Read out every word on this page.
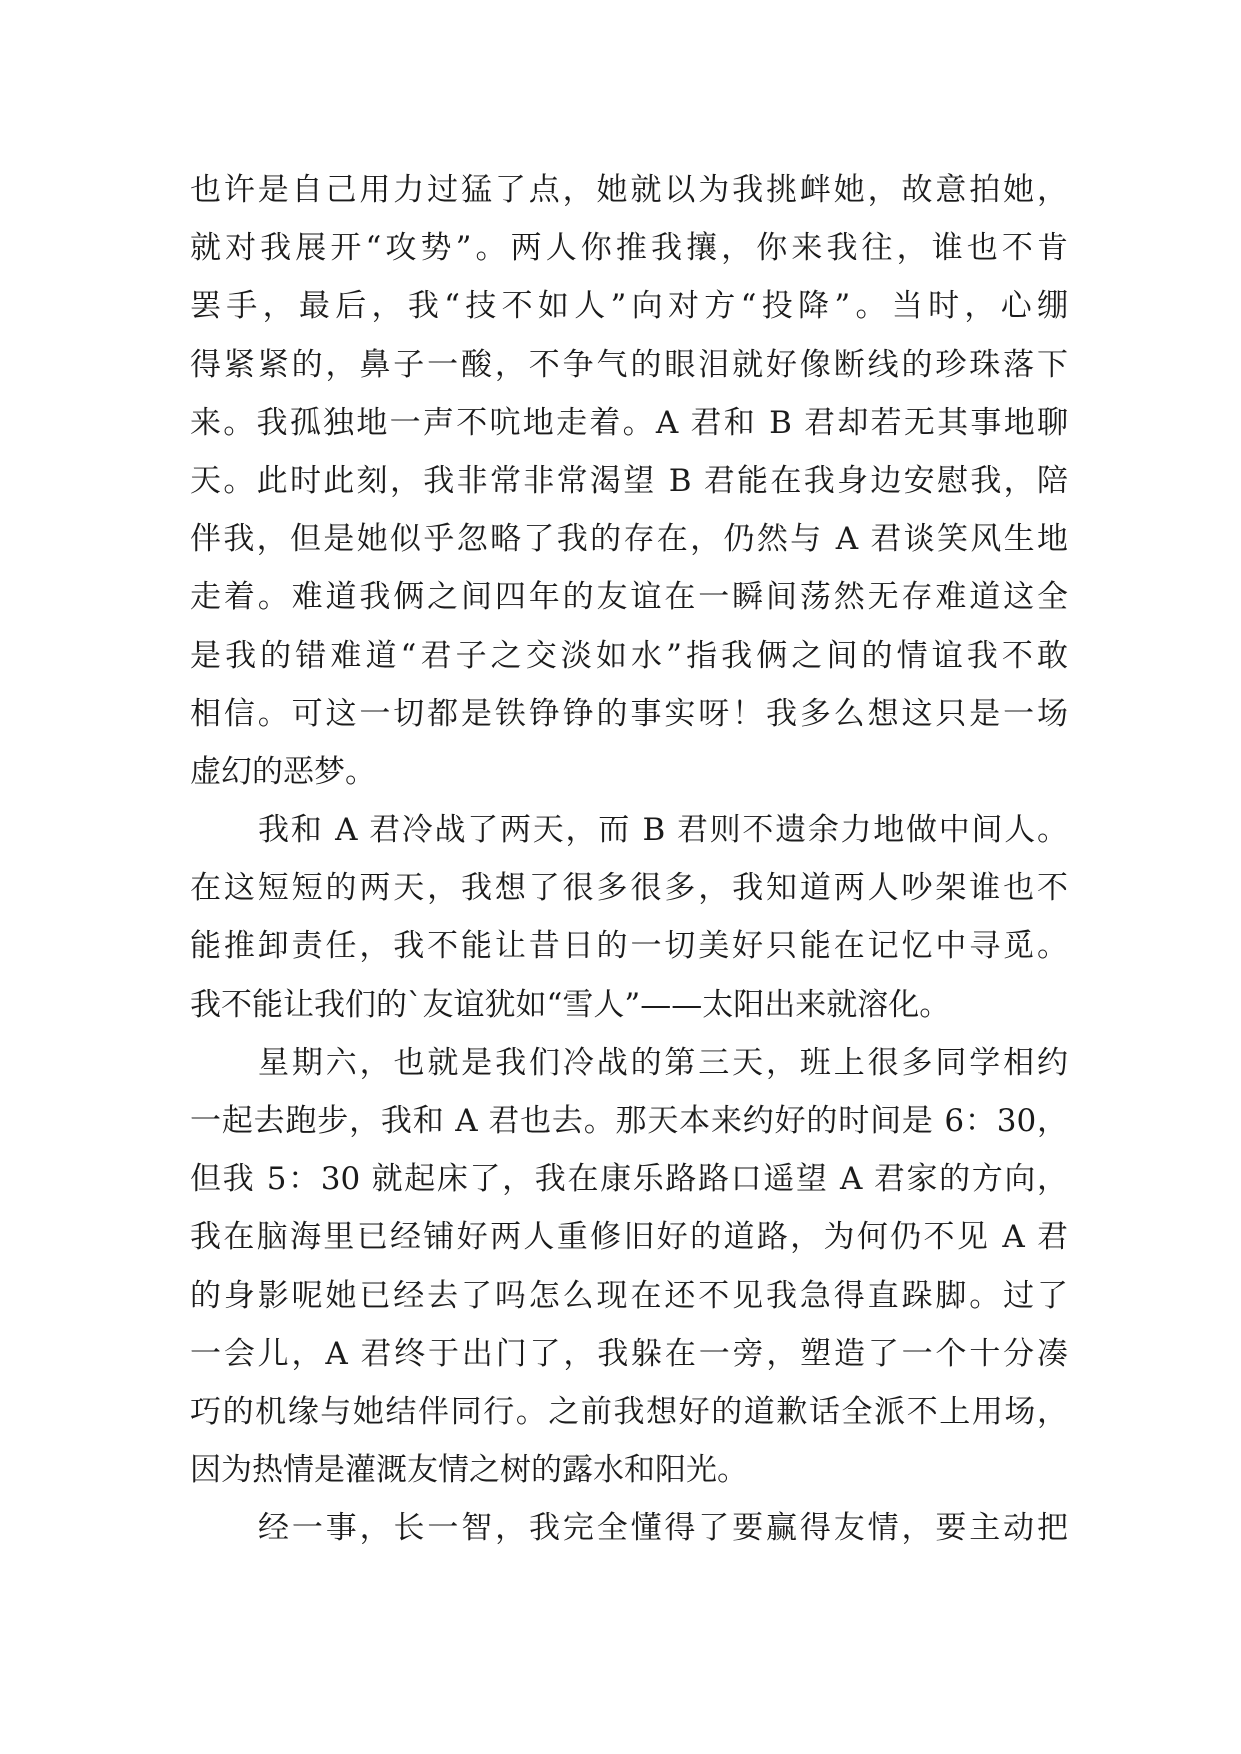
也许是自己用力过猛了点，她就以为我挑衅她，故意拍她，
就对我展开“攻势”。两人你推我攘，你来我往，谁也不肯
罢手，最后，我“技不如人”向对方“投降”。当时，心绷
得紧紧的，鼻子一酸，不争气的眼泪就好像断线的珍珠落下
来。我孤独地一声不吭地走着。A 君和 B 君却若无其事地聊
天。此时此刻，我非常非常渴望 B 君能在我身边安慰我，陪
伴我，但是她似乎忽略了我的存在，仍然与 A 君谈笑风生地
走着。难道我俩之间四年的友谊在一瞬间荡然无存难道这全
是我的错难道“君子之交淡如水”指我俩之间的情谊我不敢
相信。可这一切都是铁铮铮的事实呀！我多么想这只是一场
虚幻的恶梦。
我和 A 君冷战了两天，而 B 君则不遗余力地做中间人。
在这短短的两天，我想了很多很多，我知道两人吵架谁也不
能推卸责任，我不能让昔日的一切美好只能在记忆中寻觅。
我不能让我们的`友谊犹如“雪人”——太阳出来就溶化。
星期六，也就是我们冷战的第三天，班上很多同学相约
一起去跑步，我和 A 君也去。那天本来约好的时间是 6：30，
但我 5：30 就起床了，我在康乐路路口遥望 A 君家的方向，
我在脑海里已经铺好两人重修旧好的道路，为何仍不见 A 君
的身影呢她已经去了吗怎么现在还不见我急得直跺脚。过了
一会儿，A 君终于出门了，我躲在一旁，塑造了一个十分凑
巧的机缘与她结伴同行。之前我想好的道歉话全派不上用场，
因为热情是灌溉友情之树的露水和阳光。
经一事，长一智，我完全懂得了要赢得友情，要主动把
